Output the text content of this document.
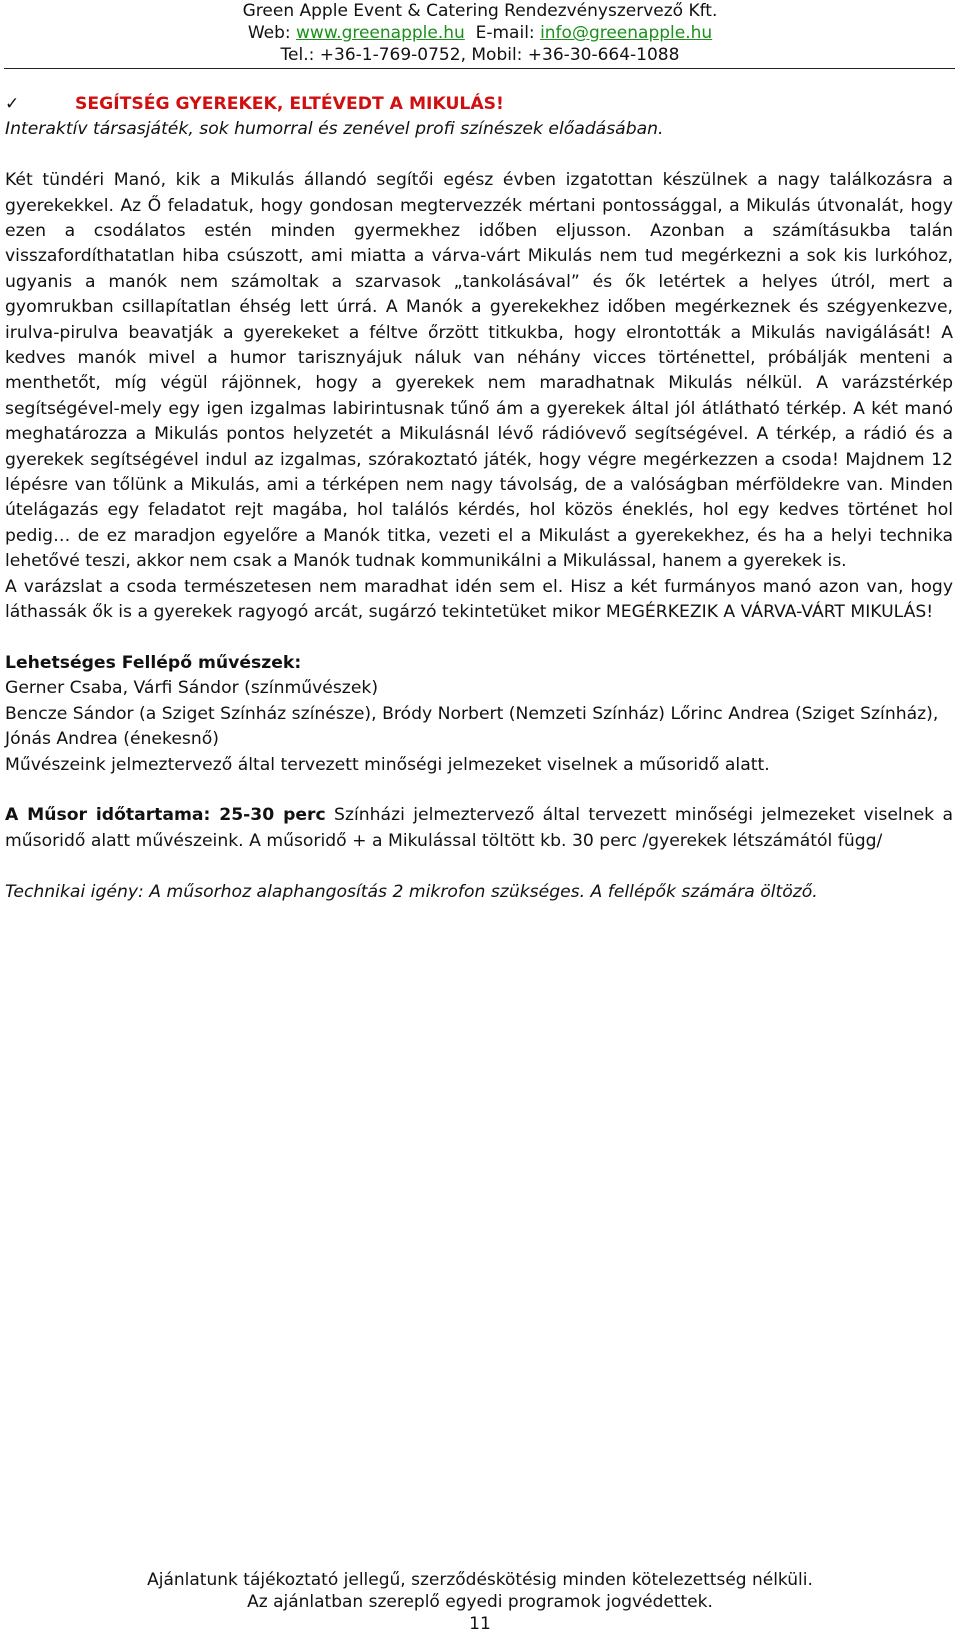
Green Apple Event & Catering Rendezvényszervező Kft.
Web: www.greenapple.hu E-mail: info@greenapple.hu
Tel.: +36-1-769-0752, Mobil: +36-30-664-1088
✓	SEGÍTSÉG GYEREKEK, ELTÉVEDT A MIKULÁS!

Interaktív társasjáték, sok humorral és zenével profi színészek előadásában.

Két tündéri Manó, kik a Mikulás állandó segítői egész évben izgatottan készülnek a nagy találkozásra a gyerekekkel. Az Ő feladatuk, hogy gondosan megtervezzék mértani pontossággal, a Mikulás útvonalát, hogy ezen a csodálatos estén minden gyermekhez időben eljusson. Azonban a számításukba talán visszafordíthatatlan hiba csúszott, ami miatta a várva-várt Mikulás nem tud megérkezni a sok kis lurkóhoz, ugyanis a manók nem számoltak a szarvasok „tankolásával” és ők letértek a helyes útról, mert a gyomrukban csillapítatlan éhség lett úrrá. A Manók a gyerekekhez időben megérkeznek és szégyenkezve, irulva-pirulva beavatják a gyerekeket a féltve őrzött titkukba, hogy elrontották a Mikulás navigálását! A kedves manók mivel a humor tarisznyájuk náluk van néhány vicces történettel, próbálják menteni a menthetőt, míg végül rájönnek, hogy a gyerekek nem maradhatnak Mikulás nélkül. A varázstérkép segítségével-mely egy igen izgalmas labirintusnak tűnő ám a gyerekek által jól átlátható térkép. A két manó meghatározza a Mikulás pontos helyzetét a Mikulásnál lévő rádióvevő segítségével. A térkép, a rádió és a gyerekek segítségével indul az izgalmas, szórakoztató játék, hogy végre megérkezzen a csoda! Majdnem 12 lépésre van tőlünk a Mikulás, ami a térképen nem nagy távolság, de a valóságban mérföldekre van. Minden útelágazás egy feladatot rejt magába, hol találós kérdés, hol közös éneklés, hol egy kedves történet hol pedig… de ez maradjon egyelőre a Manók titka, vezeti el a Mikulást a gyerekekhez, és ha a helyi technika lehetővé teszi, akkor nem csak a Manók tudnak kommunikálni a Mikulással, hanem a gyerekek is.

A varázslat a csoda természetesen nem maradhat idén sem el. Hisz a két furmányos manó azon van, hogy láthassák ők is a gyerekek ragyogó arcát, sugárzó tekintetüket mikor MEGÉRKEZIK A VÁRVA-VÁRT MIKULÁS!

Lehetséges Fellépő művészek:

Gerner Csaba, Várfi Sándor (színművészek)

Bencze Sándor (a Sziget Színház színésze), Bródy Norbert (Nemzeti Színház) Lőrinc Andrea (Sziget Színház), Jónás Andrea (énekesnő)

Művészeink jelmeztervező által tervezett minőségi jelmezeket viselnek a műsoridő alatt.

A Műsor időtartama: 25-30 perc Színházi jelmeztervező által tervezett minőségi jelmezeket viselnek a műsoridő alatt művészeink. A műsoridő + a Mikulással töltött kb. 30 perc /gyerekek létszámától függ/

Technikai igény: A műsorhoz alaphangosítás 2 mikrofon szükséges. A fellépők számára öltöző.

Ajánlatunk tájékoztató jellegű, szerződéskötésig minden kötelezettség nélküli.
Az ajánlatban szereplő egyedi programok jogvédettek.
11
